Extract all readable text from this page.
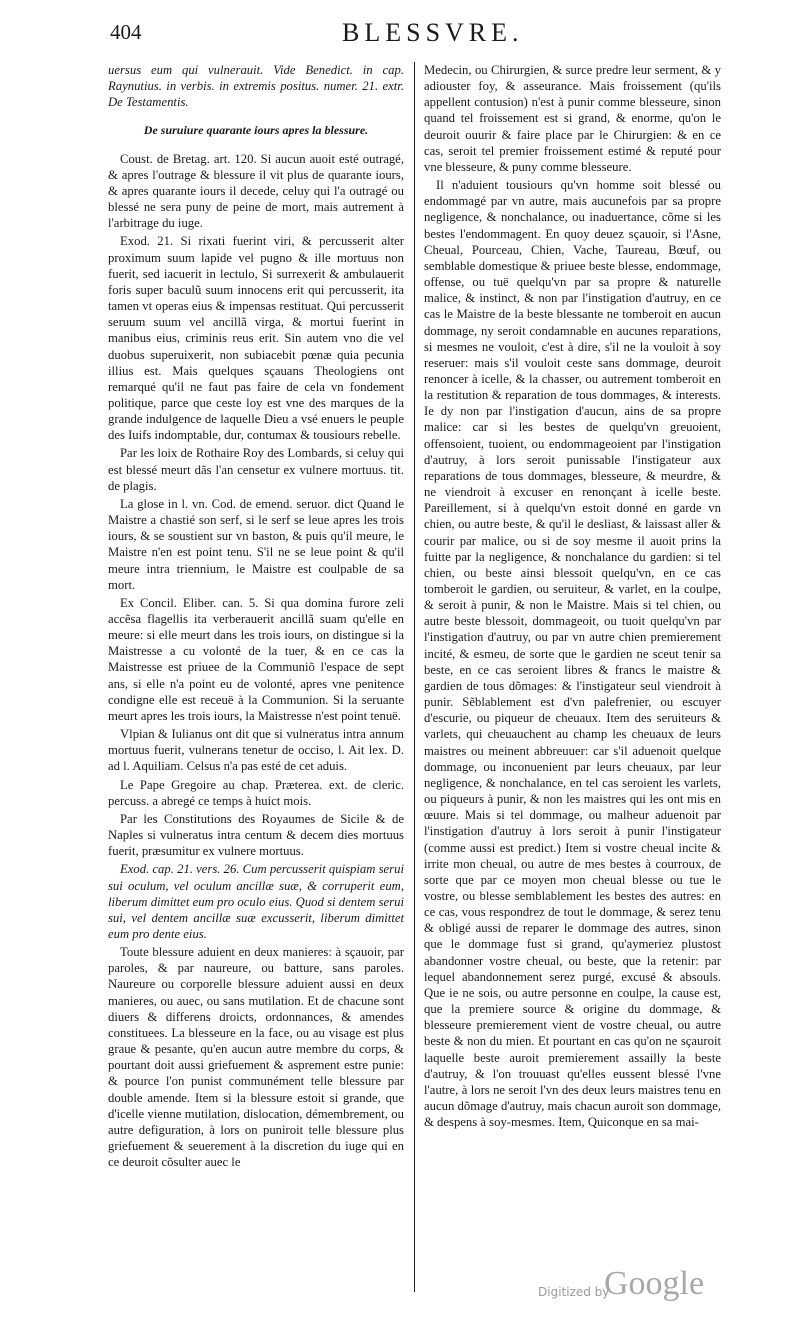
404	BLESSVRE.

uersus eum qui vulnerauit. Vide Benedict. in cap. Raynutius. in verbis. in extremis positus. numer. 21. extr. De Testamentis.

De suruiure quarante iours apres la blessure.

Coust. de Bretag. art. 120. Si aucun auoit esté outragé, & apres l'outrage & blessure il vit plus de quarante iours, & apres quarante iours il decede, celuy qui l'a outragé ou blessé ne sera puny de peine de mort, mais autrement à l'arbitrage du iuge.

Exod. 21. Si rixati fuerint viri, & percusserit alter proximum suum lapide vel pugno & ille mortuus non fuerit, sed iacuerit in lectulo, Si surrexerit & ambulauerit foris super baculũ suum innocens erit qui percusserit, ita tamen vt operas eius & impensas restituat. Qui percusserit seruum suum vel ancillã virga, & mortui fuerint in manibus eius, criminis reus erit. Sin autem vno die vel duobus superuixerit, non subiacebit pœnæ quia pecunia illius est. Mais quelques sçauans Theologiens ont remarqué qu'il ne faut pas faire de cela vn fondement politique, parce que ceste loy est vne des marques de la grande indulgence de laquelle Dieu a vsé enuers le peuple des Iuifs indomptable, dur, contumax & tousiours rebelle.

Par les loix de Rothaire Roy des Lombards, si celuy qui est blessé meurt dãs l'an censetur ex vulnere mortuus. tit. de plagis.

La glose in l. vn. Cod. de emend. seruor. dict Quand le Maistre a chastié son serf, si le serf se leue apres les trois iours, & se soustient sur vn baston, & puis qu'il meure, le Maistre n'en est point tenu. S'il ne se leue point & qu'il meure intra triennium, le Maistre est coulpable de sa mort.

Ex Concil. Eliber. can. 5. Si qua domina furore zeli accẽsa flagellis ita verberauerit ancillã suam qu'elle en meure: si elle meurt dans les trois iours, on distingue si la Maistresse a cu volonté de la tuer, & en ce cas la Maistresse est priuee de la Communiõ l'espace de sept ans, si elle n'a point eu de volonté, apres vne penitence condigne elle est receuë à la Communion. Si la seruante meurt apres les trois iours, la Maistresse n'est point tenuë.

Vlpian & Iulianus ont dit que si vulneratus intra annum mortuus fuerit, vulnerans tenetur de occiso, l. Ait lex. D. ad l. Aquiliam. Celsus n'a pas esté de cet aduis.

Le Pape Gregoire au chap. Præterea. ext. de cleric. percuss. a abregé ce temps à huict mois.

Par les Constitutions des Royaumes de Sicile & de Naples si vulneratus intra centum & decem dies mortuus fuerit, præsumitur ex vulnere mortuus.

Exod. cap. 21. vers. 26. Cum percusserit quispiam serui sui oculum, vel oculum ancillæ suæ, & corruperit eum, liberum dimittet eum pro oculo eius. Quod si dentem serui sui, vel dentem ancillæ suæ excusserit, liberum dimittet eum pro dente eius.

Toute blessure aduient en deux manieres: à sçauoir, par paroles, & par naureure, ou batture, sans paroles. Naureure ou corporelle blessure aduient aussi en deux manieres, ou auec, ou sans mutilation. Et de chacune sont diuers & differens droicts, ordonnances, & amendes constituees. La blesseure en la face, ou au visage est plus graue & pesante, qu'en aucun autre membre du corps, & pourtant doit aussi griefuement & asprement estre punie: & pource l'on punist communément telle blessure par double amende. Item si la blessure estoit si grande, que d'icelle vienne mutilation, dislocation, démembrement, ou autre defiguration, à lors on puniroit telle blessure plus griefuement & seuerement à la discretion du iuge qui en ce deuroit cõsulter auec le

Medecin, ou Chirurgien, & surce predre leur serment, & y adiouster foy, & asseurance. Mais froissement (qu'ils appellent contusion) n'est à punir comme blesseure, sinon quand tel froissement est si grand, & enorme, qu'on le deuroit ouurir & faire place par le Chirurgien: & en ce cas, seroit tel premier froissement estimé & reputé pour vne blesseure, & puny comme blesseure.

Il n'aduient tousiours qu'vn homme soit blessé ou endommagé par vn autre, mais aucunefois par sa propre negligence, & nonchalance, ou inaduertance, cõme si les bestes l'endommagent. En quoy deuez sçauoir, si l'Asne, Cheual, Pourceau, Chien, Vache, Taureau, Bœuf, ou semblable domestique & priuee beste blesse, endommage, offense, ou tuë quelqu'vn par sa propre & naturelle malice, & instinct, & non par l'instigation d'autruy, en ce cas le Maistre de la beste blessante ne tomberoit en aucun dommage, ny seroit condamnable en aucunes reparations, si mesmes ne vouloit, c'est à dire, s'il ne la vouloit à soy reseruer: mais s'il vouloit ceste sans dommage, deuroit renoncer à icelle, & la chasser, ou autrement tomberoit en la restitution & reparation de tous dommages, & interests. Ie dy non par l'instigation d'aucun, ains de sa propre malice: car si les bestes de quelqu'vn greuoient, offensoient, tuoient, ou endommageoient par l'instigation d'autruy, à lors seroit punissable l'instigateur aux reparations de tous dommages, blesseure, & meurdre, & ne viendroit à excuser en renonçant à icelle beste. Pareillement, si à quelqu'vn estoit donné en garde vn chien, ou autre beste, & qu'il le desliast, & laissast aller & courir par malice, ou si de soy mesme il auoit prins la fuitte par la negligence, & nonchalance du gardien: si tel chien, ou beste ainsi blessoit quelqu'vn, en ce cas tomberoit le gardien, ou seruiteur, & varlet, en la coulpe, & seroit à punir, & non le Maistre. Mais si tel chien, ou autre beste blessoit, dommageoit, ou tuoit quelqu'vn par l'instigation d'autruy, ou par vn autre chien premierement incité, & esmeu, de sorte que le gardien ne sceut tenir sa beste, en ce cas seroient libres & francs le maistre & gardien de tous dõmages: & l'instigateur seul viendroit à punir. Sẽblablement est d'vn palefrenier, ou escuyer d'escurie, ou piqueur de cheuaux. Item des seruiteurs & varlets, qui cheuauchent au champ les cheuaux de leurs maistres ou meinent abbreuuer: car s'il aduenoit quelque dommage, ou inconuenient par leurs cheuaux, par leur negligence, & nonchalance, en tel cas seroient les varlets, ou piqueurs à punir, & non les maistres qui les ont mis en œuure. Mais si tel dommage, ou malheur aduenoit par l'instigation d'autruy à lors seroit à punir l'instigateur (comme aussi est predict.) Item si vostre cheual incite & irrite mon cheual, ou autre de mes bestes à courroux, de sorte que par ce moyen mon cheual blesse ou tue le vostre, ou blesse semblablement les bestes des autres: en ce cas, vous respondrez de tout le dommage, & serez tenu & obligé aussi de reparer le dommage des autres, sinon que le dommage fust si grand, qu'aymeriez plustost abandonner vostre cheual, ou beste, que la retenir: par lequel abandonnement serez purgé, excusé & absouls. Que ie ne sois, ou autre personne en coulpe, la cause est, que la premiere source & origine du dommage, & blesseure premierement vient de vostre cheual, ou autre beste & non du mien. Et pourtant en cas qu'on ne sçauroit laquelle beste auroit premierement assailly la beste d'autruy, & l'on trouuast qu'elles eussent blessé l'vne l'autre, à lors ne seroit l'vn des deux leurs maistres tenu en aucun dõmage d'autruy, mais chacun auroit son dommage, & despens à soy-mesmes. Item, Quiconque en sa mai-

Digitized by
Google
